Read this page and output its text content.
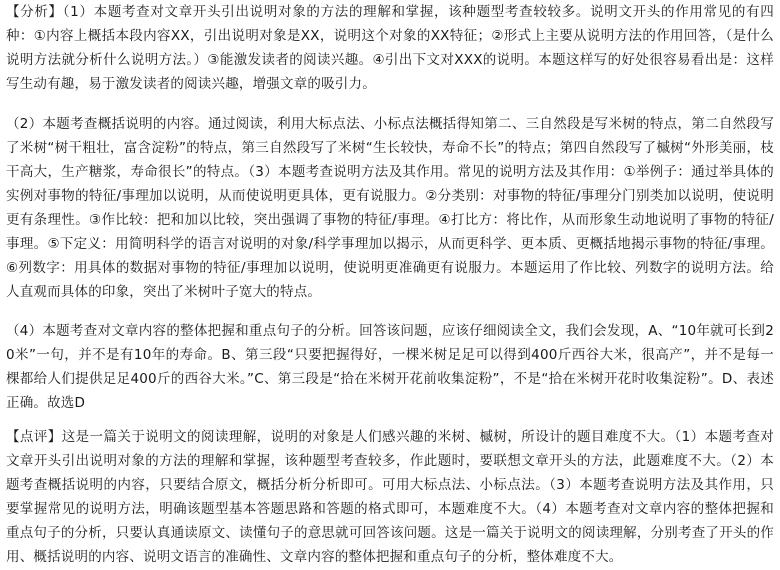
【分析】（1）本题考查对文章开头引出说明对象的方法的理解和掌握，该种题型考查较较多。说明文开头的作用常见的有四种：①内容上概括本段内容XX，引出说明对象是XX，说明这个对象的XX特征；②形式上主要从说明方法的作用回答，（是什么说明方法就分析什么说明方法。）③能激发读者的阅读兴趣。④引出下文对XXX的说明。本题这样写的好处很容易看出是：这样写生动有趣，易于激发读者的阅读兴趣，增强文章的吸引力。

（2）本题考查概括说明的内容。通过阅读，利用大标点法、小标点法概括得知第二、三自然段是写米树的特点，第二自然段写了米树“树干粗壮，富含淀粉”的特点，第三自然段写了米树“生长较快，寿命不长”的特点；第四自然段写了槭树“外形美丽，枝干高大，生产糖浆，寿命很长”的特点。（3）本题考查说明方法及其作用。常见的说明方法及其作用：①举例子：通过举具体的实例对事物的特征/事理加以说明，从而使说明更具体，更有说服力。②分类别：对事物的特征/事理分门别类加以说明，使说明更有条理性。③作比较：把和加以比较，突出强调了事物的特征/事理。④打比方：将比作，从而形象生动地说明了事物的特征/事理。⑤下定义：用简明科学的语言对说明的对象/科学事理加以揭示，从而更科学、更本质、更概括地揭示事物的特征/事理。⑥列数字：用具体的数据对事物的特征/事理加以说明，使说明更准确更有说服力。本题运用了作比较、列数字的说明方法。给人直观而具体的印象，突出了米树叶子宽大的特点。

（4）本题考查对文章内容的整体把握和重点句子的分析。回答该问题，应该仔细阅读全文，我们会发现，A、“10年就可长到20米”一句，并不是有10年的寿命。B、第三段“只要把握得好，一棵米树足足可以得到400斤西谷大米，很高产”，并不是每一棵都给人们提供足足400斤的西谷大米。”C、第三段是“拾在米树开花前收集淀粉”，不是“拾在米树开花时收集淀粉”。D、表述正确。故选D

【点评】这是一篇关于说明文的阅读理解，说明的对象是人们感兴趣的米树、槭树，所设计的题目难度不大。（1）本题考查对文章开头引出说明对象的方法的理解和掌握，该种题型考查较多，作此题时，要联想文章开头的方法，此题难度不大。（2）本题考查概括说明的内容，只要结合原文，概括分析分析即可。可用大标点法、小标点法。（3）本题考查说明方法及其作用，只要掌握常见的说明方法，明确该题型基本答题思路和答题的格式即可，本题难度不大。（4）本题考查对文章内容的整体把握和重点句子的分析，只要认真通读原文、读懂句子的意思就可回答该问题。这是一篇关于说明文的阅读理解，分别考查了开头的作用、概括说明的内容、说明文语言的准确性、文章内容的整体把握和重点句子的分析，整体难度不大。
